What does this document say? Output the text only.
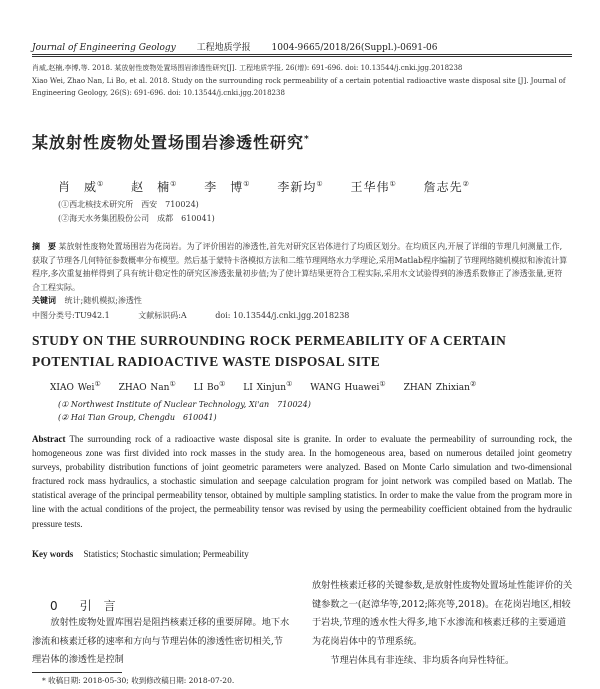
Journal of Engineering Geology 工程地质学报 1004-9665/2018/26(Suppl.)-0691-06
肖威,赵楠,李博,等. 2018. 某放射性废物处置场围岩渗透性研究[J]. 工程地质学报, 26(增): 691-696. doi: 10.13544/j.cnki.jgg.2018238
Xiao Wei, Zhao Nan, Li Bo, et al. 2018. Study on the surrounding rock permeability of a certain potential radioactive waste disposal site [J]. Journal of
Engineering Geology, 26(S): 691-696. doi: 10.13544/j.cnki.jgg.2018238
某放射性废物处置场围岩渗透性研究*
肖　威① 赵　楠① 李　博① 李新均① 王华伟① 詹志先②
(①西北核技术研究所　西安　710024)
(②海天水务集团股份公司　成都　610041)
摘　要 某放射性废物处置场围岩为花岗岩。为了评价围岩的渗透性,首先对研究区岩体进行了均质区划分。在均质区内,开展了详细的节理几何测量工作,获取了节理各几何特征参数概率分布模型。然后基于蒙特卡洛模拟方法和二维节理网络水力学理论,采用Matlab程序编制了节理网络随机模拟和渗流计算程序,多次重复抽样得到了具有统计稳定性的研究区渗透张量初步值;为了使计算结果更符合工程实际,采用水文试验得到的渗透系数修正了渗透张量,更符合工程实际。
关键词 统计;随机模拟;渗透性
中图分类号:TU942.1	文献标识码:A	doi: 10.13544/j.cnki.jgg.2018238
STUDY ON THE SURROUNDING ROCK PERMEABILITY OF A CERTAIN POTENTIAL RADIOACTIVE WASTE DISPOSAL SITE
XIAO Wei① ZHAO Nan① LI Bo① LI Xinjun① WANG Huawei① ZHAN Zhixian②
(① Northwest Institute of Nuclear Technology, Xi'an　710024)
(② Hai Tian Group, Chengdu　610041)
Abstract The surrounding rock of a radioactive waste disposal site is granite. In order to evaluate the permeability of surrounding rock, the homogeneous zone was first divided into rock masses in the study area. In the homogeneous area, based on numerous detailed joint geometry surveys, probability distribution functions of joint geometric parameters were analyzed. Based on Monte Carlo simulation and two-dimensional fractured rock mass hydraulics, a stochastic simulation and seepage calculation program for joint network was compiled based on Matlab. The statistical average of the principal permeability tensor, obtained by multiple sampling statistics. In order to make the value from the program more in line with the actual conditions of the project, the permeability tensor was revised by using the permeability coefficient obtained from the hydraulic pressure tests.
Key words Statistics; Stochastic simulation; Permeability
0 引　言
放射性废物处置库围岩是阻挡核素迁移的重要屏障。地下水渗流和核素迁移的速率和方向与节理岩体的渗透性密切相关,节理岩体的渗透性是控制
放射性核素迁移的关键参数,是放射性废物处置场址性能评价的关键参数之一(赵漳华等,2012;陈亮等,2018)。在花岗岩地区,相较于岩块,节理的透水性大得多,地下水渗流和核素迁移的主要通道为花岗岩体中的节理系统。
节理岩体具有非连续、非均质各向异性特征。
* 收稿日期: 2018-05-30; 收到修改稿日期: 2018-07-20.
